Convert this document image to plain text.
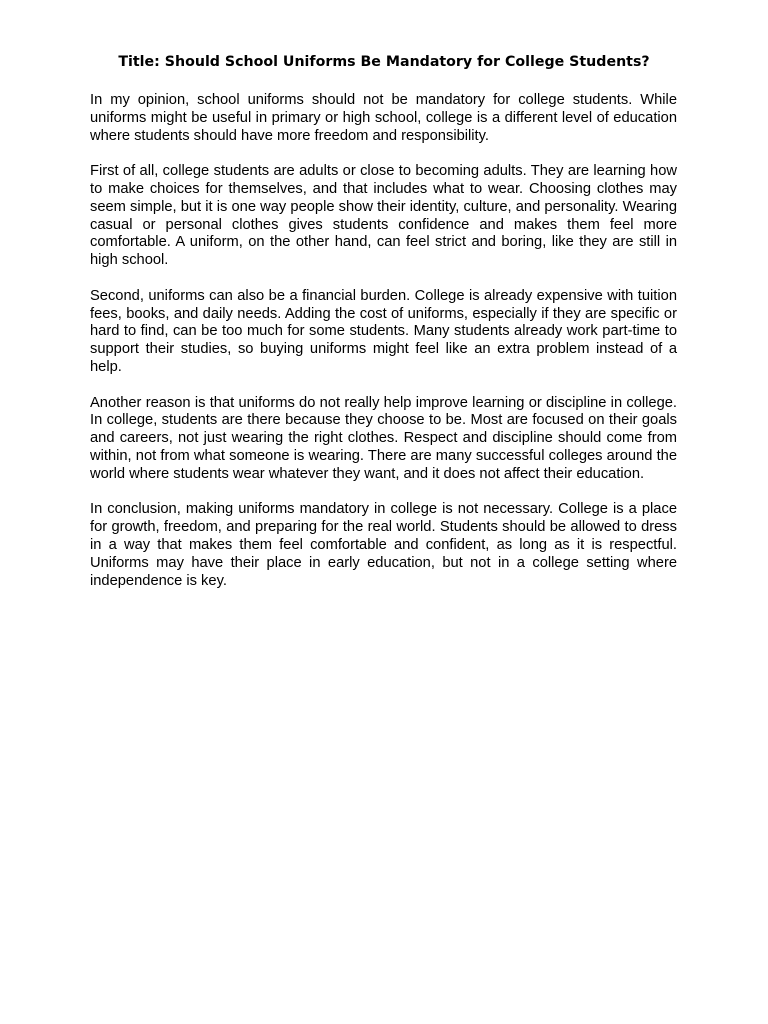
Title: Should School Uniforms Be Mandatory for College Students?

In my opinion, school uniforms should not be mandatory for college students. While uniforms might be useful in primary or high school, college is a different level of education where students should have more freedom and responsibility.

First of all, college students are adults or close to becoming adults. They are learning how to make choices for themselves, and that includes what to wear. Choosing clothes may seem simple, but it is one way people show their identity, culture, and personality. Wearing casual or personal clothes gives students confidence and makes them feel more comfortable. A uniform, on the other hand, can feel strict and boring, like they are still in high school.

Second, uniforms can also be a financial burden. College is already expensive with tuition fees, books, and daily needs. Adding the cost of uniforms, especially if they are specific or hard to find, can be too much for some students. Many students already work part-time to support their studies, so buying uniforms might feel like an extra problem instead of a help.

Another reason is that uniforms do not really help improve learning or discipline in college. In college, students are there because they choose to be. Most are focused on their goals and careers, not just wearing the right clothes. Respect and discipline should come from within, not from what someone is wearing. There are many successful colleges around the world where students wear whatever they want, and it does not affect their education.

In conclusion, making uniforms mandatory in college is not necessary. College is a place for growth, freedom, and preparing for the real world. Students should be allowed to dress in a way that makes them feel comfortable and confident, as long as it is respectful. Uniforms may have their place in early education, but not in a college setting where independence is key.
